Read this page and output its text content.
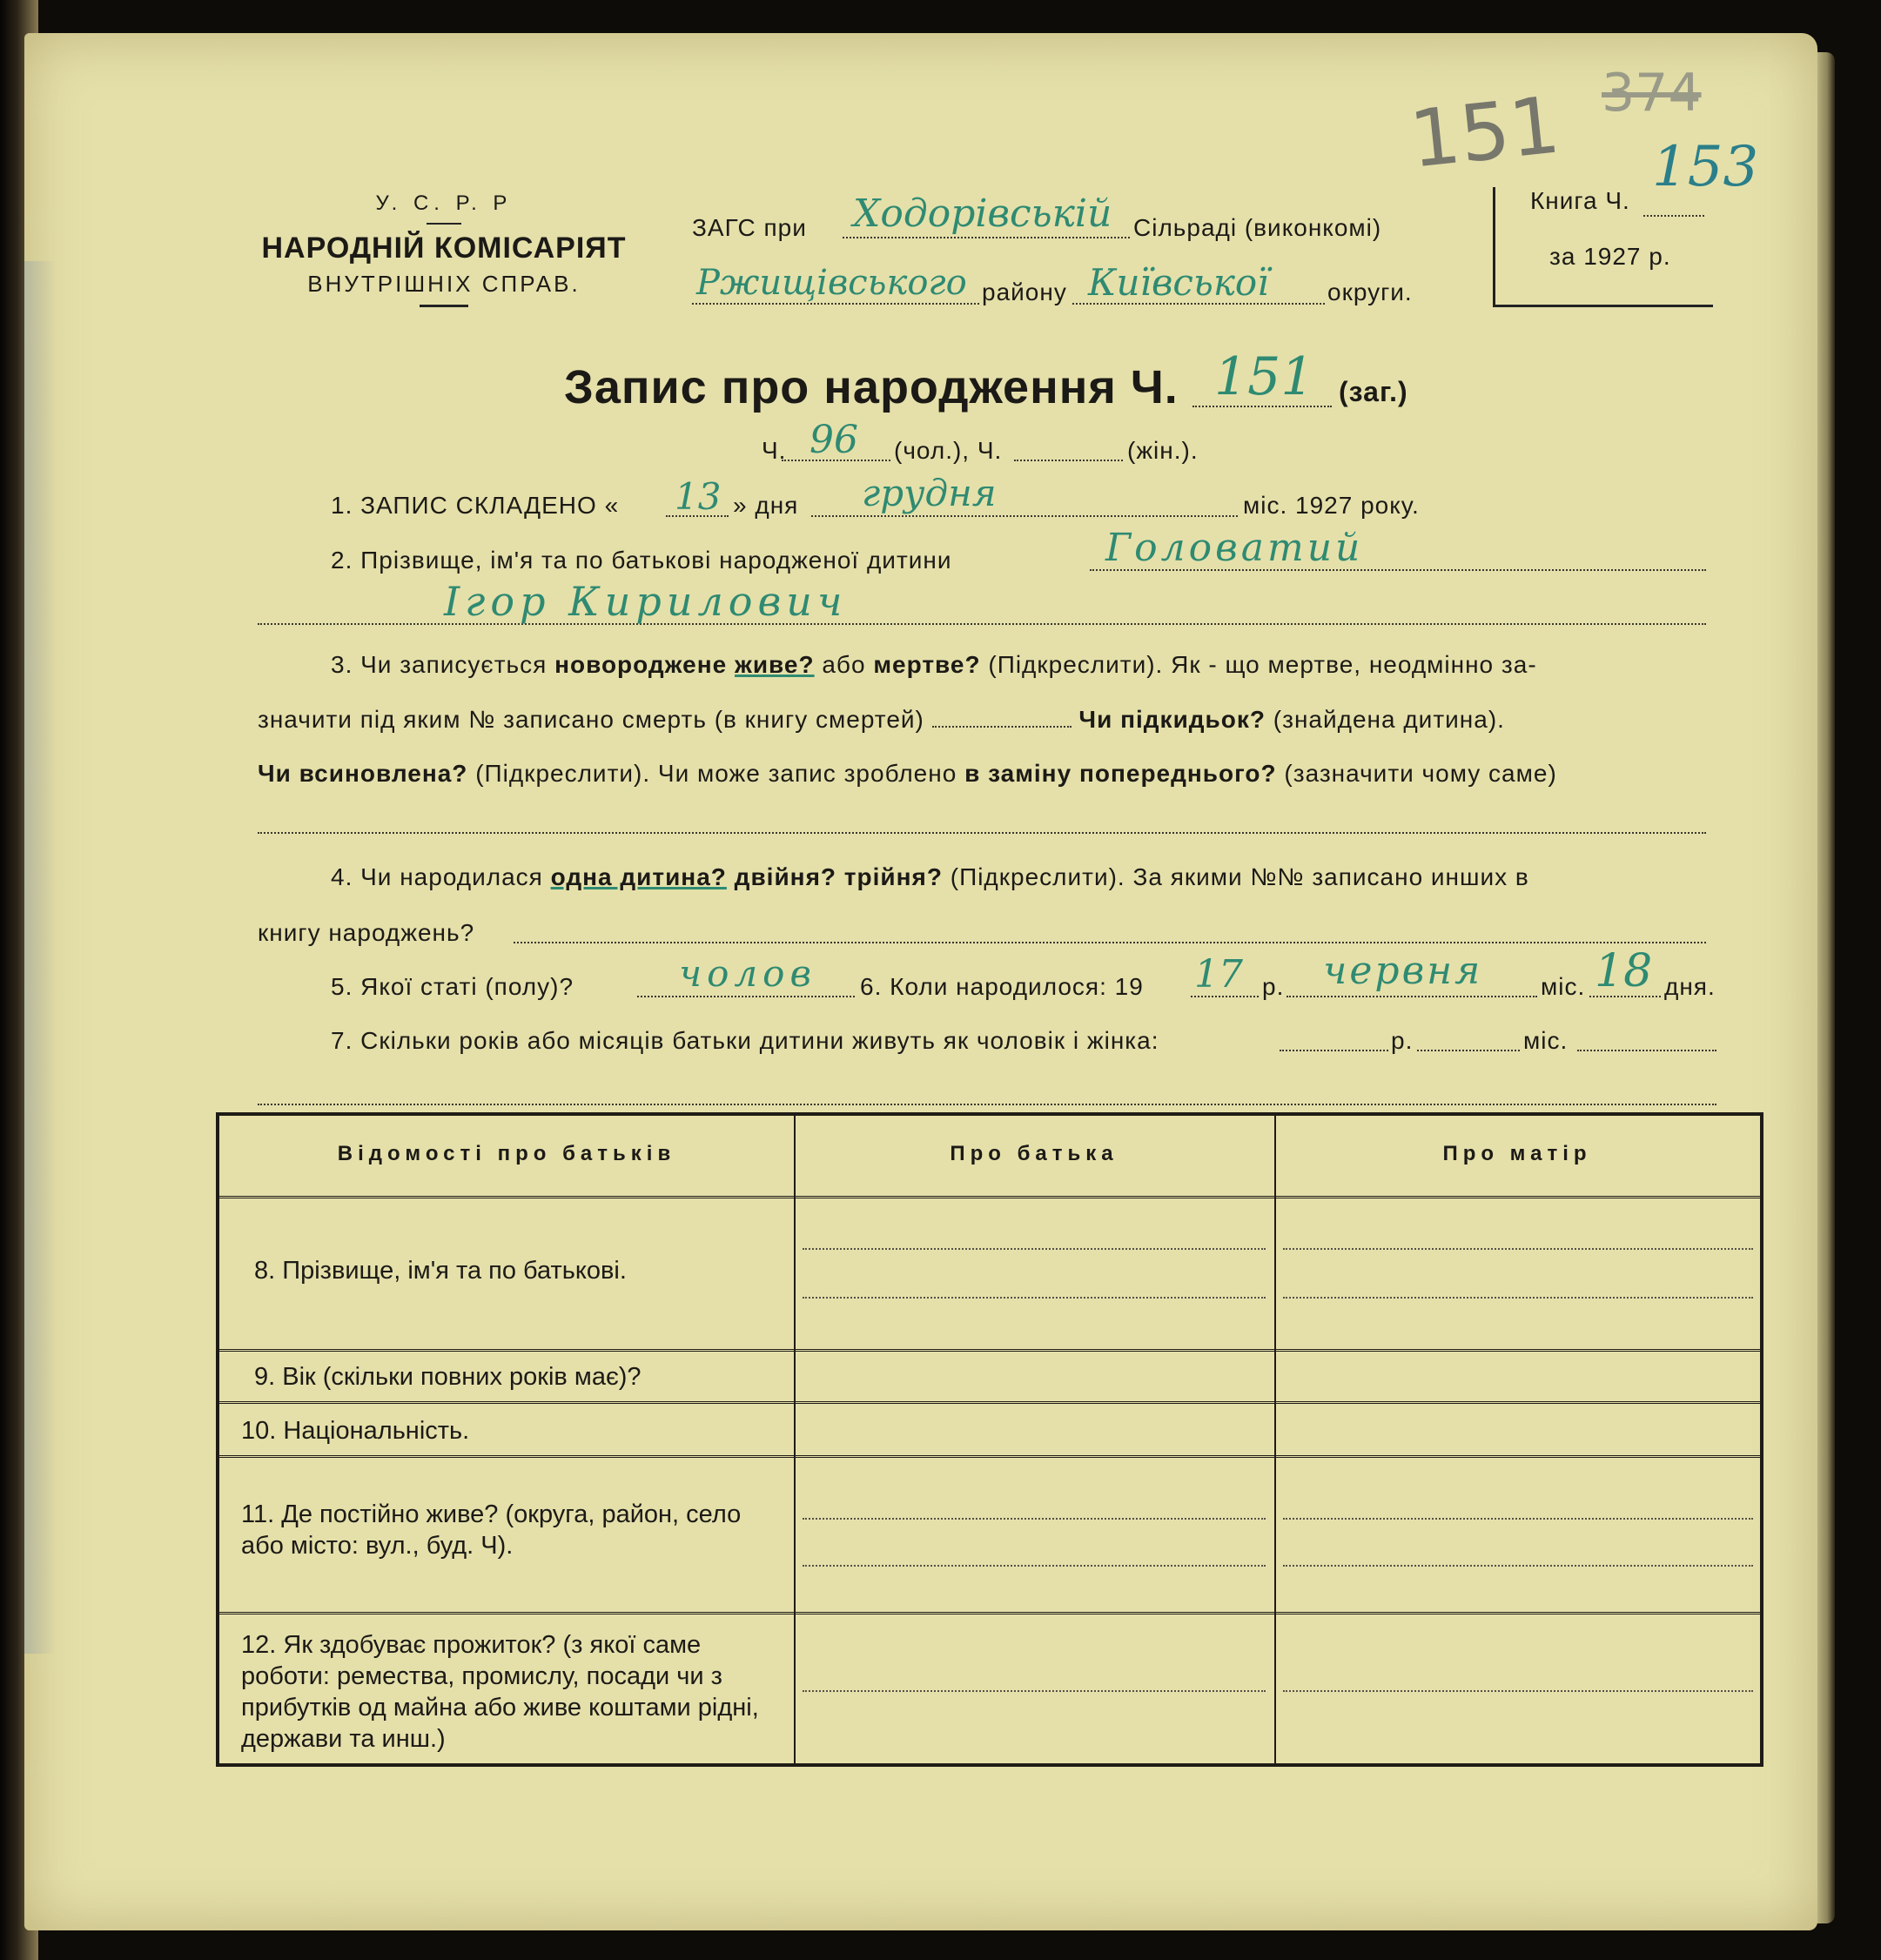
151 374
У. С. Р. Р
НАРОДНІЙ КОМІСАРІЯТ
ВНУТРІШНІХ СПРАВ.
ЗАГС при Ходорівській Сільраді (виконкомі)
Ржищівського району Київської округи.
Книга Ч.
153
за 1927 р.
Запис про народження Ч. 151 (заг.)
Ч. 96 (чол.), Ч.	(жін.).
1. ЗАПИС СКЛАДЕНО « 13 » дня грудня	міс. 1927 року.
2. Прізвище, ім'я та по батькові народженої дитини	Головатий
Ігор Кирилович
3. Чи записується новороджене живе? або мертве? (Підкреслити). Як - що мертве, неодмінно за-
значити під яким № записано смерть (в книгу смертей)	Чи підкидьок? (знайдена дитина).
Чи всиновлена? (Підкреслити). Чи може запис зроблено в заміну попереднього? (зазначити чому саме)
4. Чи народилася одна дитина? двійня? трійня? (Підкреслити). За якими №№ записано инших в
книгу народжень?
5. Якої статі (полу)?	чолов 6. Коли народилося: 19 17 р. червня міс. 18 дня.
7. Скільки років або місяців батьки дитини живуть як чоловік і жінка:	р.	міс.
Відомості про батьків	Про батька	Про матір
8. Прізвище, ім'я та по батькові.
9. Вік (скільки повних років має)?
10. Національність.
11. Де постійно живе? (округа, район, село або місто: вул., буд. Ч).
12. Як здобуває прожиток? (з якої саме роботи: ремества, промислу, посади чи з прибутків од майна або живе коштами рідні, держави та инш.)
